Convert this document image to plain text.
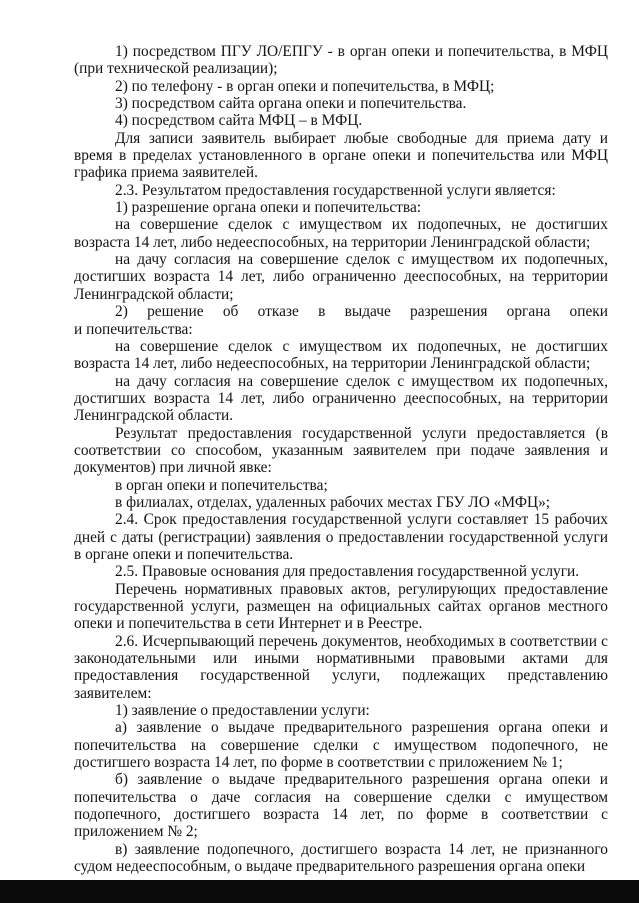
1) посредством ПГУ ЛО/ЕПГУ - в орган опеки и попечительства, в МФЦ (при технической реализации);

2) по телефону - в орган опеки и попечительства, в МФЦ;

3) посредством сайта органа опеки и попечительства.

4) посредством сайта МФЦ – в МФЦ.

Для записи заявитель выбирает любые свободные для приема дату и время в пределах установленного в органе опеки и попечительства или МФЦ графика приема заявителей.

2.3. Результатом предоставления государственной услуги является:

1) разрешение органа опеки и попечительства:

на совершение сделок с имуществом их подопечных, не достигших возраста 14 лет, либо недееспособных, на территории Ленинградской области;

на дачу согласия на совершение сделок с имуществом их подопечных, достигших возраста 14 лет, либо ограниченно дееспособных, на территории Ленинградской области;

2) решение об отказе в выдаче разрешения органа опеки

и попечительства:

на совершение сделок с имуществом их подопечных, не достигших возраста 14 лет, либо недееспособных, на территории Ленинградской области;

на дачу согласия на совершение сделок с имуществом их подопечных, достигших возраста 14 лет, либо ограниченно дееспособных, на территории Ленинградской области.

Результат предоставления государственной услуги предоставляется (в соответствии со способом, указанным заявителем при подаче заявления и документов) при личной явке:

в орган опеки и попечительства;

в филиалах, отделах, удаленных рабочих местах ГБУ ЛО «МФЦ»;

2.4. Срок предоставления государственной услуги составляет 15 рабочих дней с даты (регистрации) заявления о предоставлении государственной услуги в органе опеки и попечительства.

2.5. Правовые основания для предоставления государственной услуги.

Перечень нормативных правовых актов, регулирующих предоставление государственной услуги, размещен на официальных сайтах органов местного опеки и попечительства в сети Интернет и в Реестре.

2.6. Исчерпывающий перечень документов, необходимых в соответствии с законодательными или иными нормативными правовыми актами для предоставления государственной услуги, подлежащих представлению заявителем:

1) заявление о предоставлении услуги:

а) заявление о выдаче предварительного разрешения органа опеки и попечительства на совершение сделки с имуществом подопечного, не достигшего возраста 14 лет, по форме в соответствии с приложением № 1;

б) заявление о выдаче предварительного разрешения органа опеки и попечительства о даче согласия на совершение сделки с имуществом подопечного, достигшего возраста 14 лет, по форме в соответствии с приложением № 2;

в) заявление подопечного, достигшего возраста 14 лет, не признанного судом недееспособным, о выдаче предварительного разрешения органа опеки
